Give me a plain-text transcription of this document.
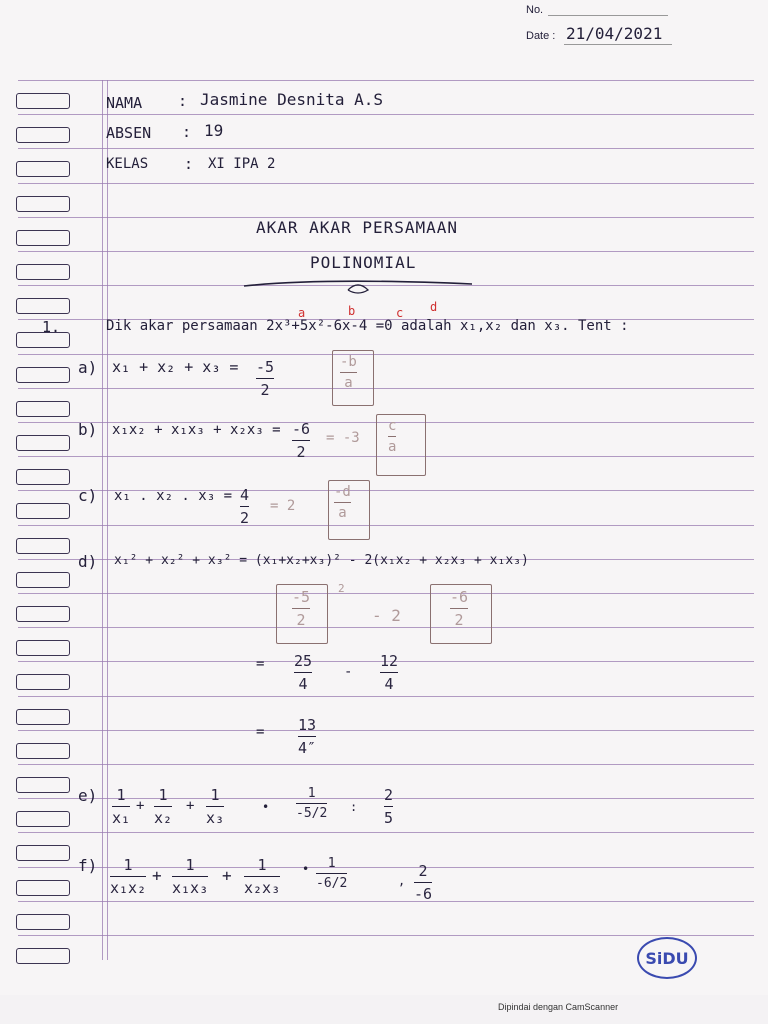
No.
Date : 21/04/2021
NAMA : Jasmine Desnita A.S
ABSEN : 19
KELAS : XI IPA 2
AKAR AKAR PERSAMAAN
POLINOMIAL
1.	Dik akar persamaan 2x³+5x²-6x-4 =0 adalah x₁,x₂ dan x₃. Tent :
a	b	c d
a) x₁ + x₂ + x₃ = -5
2
-b
a
b) x₁x₂ + x₁x₃ + x₂x₃ = -6
2
= -3
c
a
c) x₁ . x₂ . x₃ = 4
2
= 2
-d
a
d) x₁² + x₂² + x₃² = (x₁+x₂+x₃)² - 2(x₁x₂ + x₂x₃ + x₁x₃)
-5
2
2
- 2
-6
2
= 25
4
-
12
4
= 13
4″
e) 1
x₁
+
1
x₂
+
1
x₃
•
1
-5/2 :
2
5
f) 1
x₁x₂
+
1
x₁x₃
+
1
x₂x₃
• 1
-6/2	,
2
-6
SiDU
Dipindai dengan CamScanner
